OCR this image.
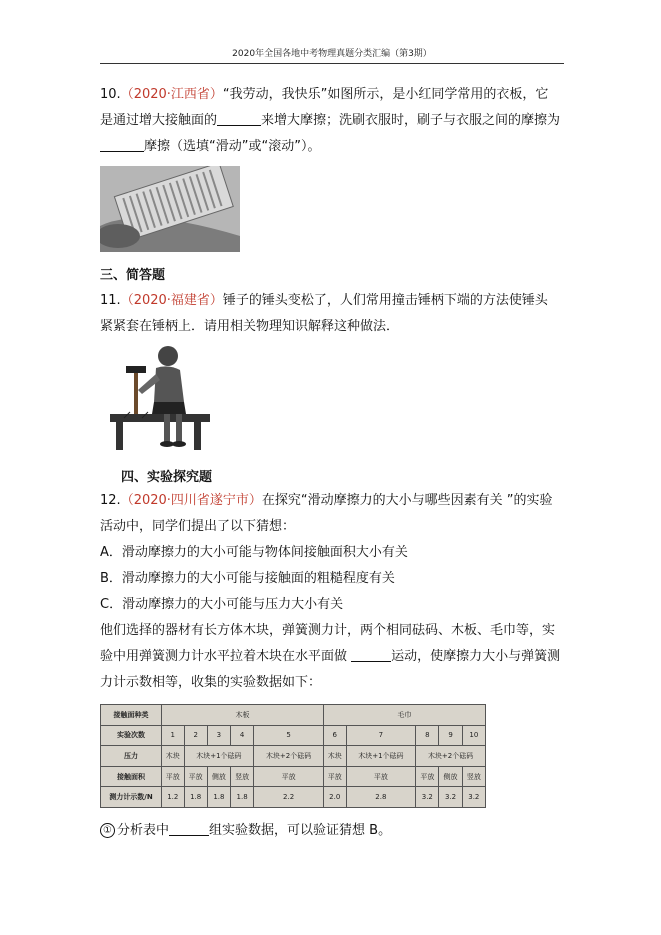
2020年全国各地中考物理真题分类汇编（第3期）
10.（2020·江西省）“我劳动，我快乐”如图所示，是小红同学常用的衣板，它
是通过增大接触面的	来增大摩擦；洗刷衣服时，刷子与衣服之间的摩擦为
摩擦（选填“滑动”或“滚动”）。
三、简答题
11.（2020·福建省）锤子的锤头变松了，人们常用撞击锤柄下端的方法使锤头
紧紧套在锤柄上．请用相关物理知识解释这种做法．
四、实验探究题
12.（2020·四川省遂宁市）在探究“滑动摩擦力的大小与哪些因素有关 ”的实验
活动中，同学们提出了以下猜想：
A．滑动摩擦力的大小可能与物体间接触面积大小有关
B．滑动摩擦力的大小可能与接触面的粗糙程度有关
C．滑动摩擦力的大小可能与压力大小有关
他们选择的器材有长方体木块，弹簧测力计，两个相同砝码、木板、毛巾等，实
验中用弹簧测力计水平拉着木块在水平面做	运动，使摩擦力大小与弹簧测
力计示数相等，收集的实验数据如下：
接触面种类	木板					毛巾				
实验次数	1	2	3	4	5	6	7	8	9	10
压力	木块	木块+1个砝码			木块+2个砝码	木块	木块+1个砝码	木块+2个砝码		
接触面积	平放	平放	侧放	竖放	平放	平放	平放	平放	侧放	竖放
测力计示数/N	1.2	1.8	1.8	1.8	2.2	2.0	2.8	3.2	3.2	3.2
① 分析表中	组实验数据，可以验证猜想 B。
